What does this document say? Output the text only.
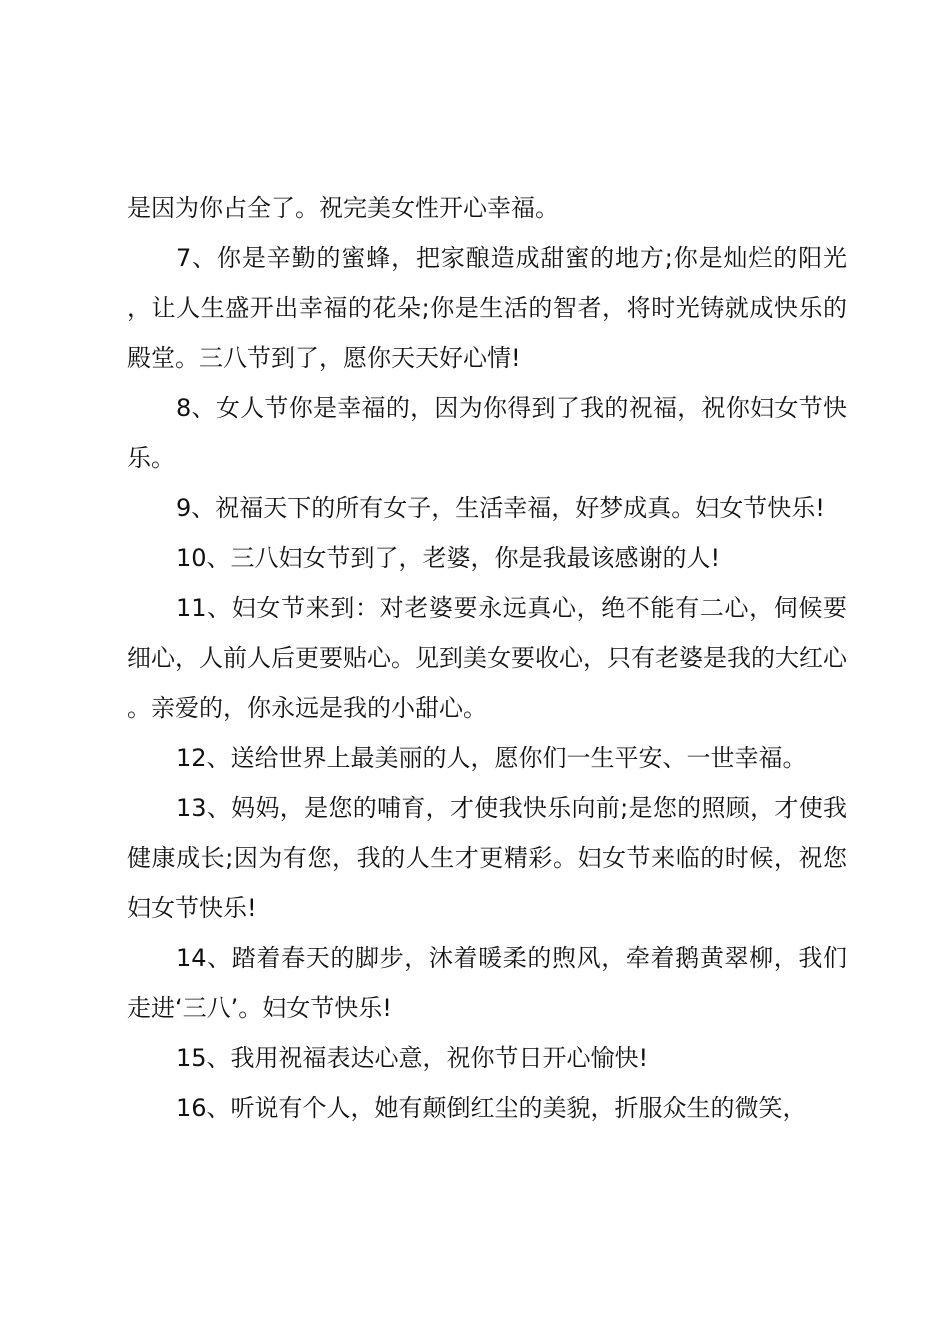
是因为你占全了。祝完美女性开心幸福。

7、你是辛勤的蜜蜂，把家酿造成甜蜜的地方;你是灿烂的阳光，让人生盛开出幸福的花朵;你是生活的智者，将时光铸就成快乐的殿堂。三八节到了，愿你天天好心情!

8、女人节你是幸福的，因为你得到了我的祝福，祝你妇女节快乐。

9、祝福天下的所有女子，生活幸福，好梦成真。妇女节快乐!

10、三八妇女节到了，老婆，你是我最该感谢的人!

11、妇女节来到：对老婆要永远真心，绝不能有二心，伺候要细心，人前人后更要贴心。见到美女要收心，只有老婆是我的大红心。亲爱的，你永远是我的小甜心。

12、送给世界上最美丽的人，愿你们一生平安、一世幸福。

13、妈妈，是您的哺育，才使我快乐向前;是您的照顾，才使我健康成长;因为有您，我的人生才更精彩。妇女节来临的时候，祝您妇女节快乐!

14、踏着春天的脚步，沐着暖柔的煦风，牵着鹅黄翠柳，我们走进‘三八’。妇女节快乐!

15、我用祝福表达心意，祝你节日开心愉快!

16、听说有个人，她有颠倒红尘的美貌，折服众生的微笑，
